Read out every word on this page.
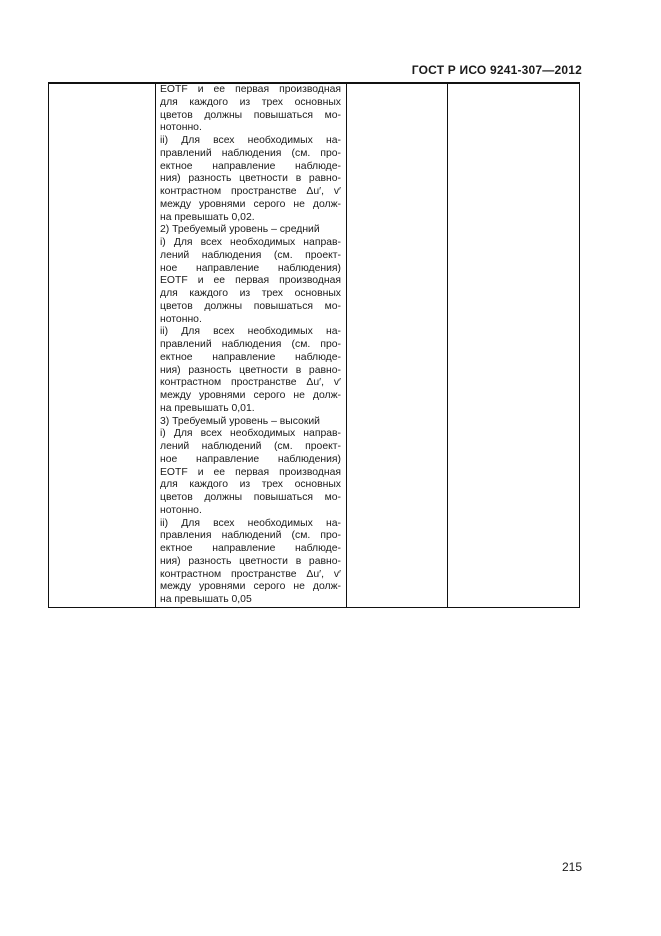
ГОСТ Р ИСО 9241-307—2012
EOTF и ее первая производная
для каждого из трех основных
цветов должны повышаться мо-
нотонно.
ii) Для всех необходимых на-
правлений наблюдения (см. про-
ектное направление наблюде-
ния) разность цветности в равно-
контрастном пространстве Δu′, v′
между уровнями серого не долж-
на превышать 0,02.
2) Требуемый уровень – средний
i) Для всех необходимых направ-
лений наблюдения (см. проект-
ное направление наблюдения)
EOTF и ее первая производная
для каждого из трех основных
цветов должны повышаться мо-
нотонно.
ii) Для всех необходимых на-
правлений наблюдения (см. про-
ектное направление наблюде-
ния) разность цветности в равно-
контрастном пространстве Δu′, v′
между уровнями серого не долж-
на превышать 0,01.
3) Требуемый уровень – высокий
i) Для всех необходимых направ-
лений наблюдений (см. проект-
ное направление наблюдения)
EOTF и ее первая производная
для каждого из трех основных
цветов должны повышаться мо-
нотонно.
ii) Для всех необходимых на-
правления наблюдений (см. про-
ектное направление наблюде-
ния) разность цветности в равно-
контрастном пространстве Δu′, v′
между уровнями серого не долж-
на превышать 0,05
215
